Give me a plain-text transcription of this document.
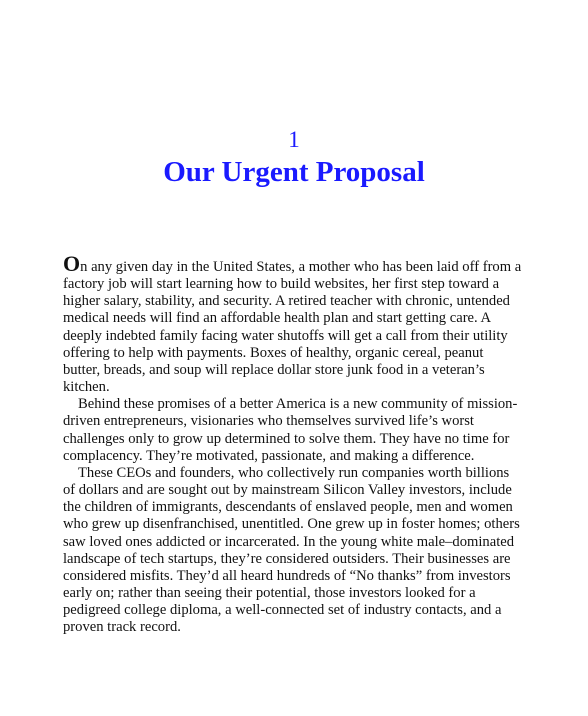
1
Our Urgent Proposal

On any given day in the United States, a mother who has been laid off from a factory job will start learning how to build websites, her first step toward a higher salary, stability, and security. A retired teacher with chronic, untended medical needs will find an affordable health plan and start getting care. A deeply indebted family facing water shutoffs will get a call from their utility offering to help with payments. Boxes of healthy, organic cereal, peanut butter, breads, and soup will replace dollar store junk food in a veteran’s kitchen.

Behind these promises of a better America is a new community of mission-driven entrepreneurs, visionaries who themselves survived life’s worst challenges only to grow up determined to solve them. They have no time for complacency. They’re motivated, passionate, and making a difference.

These CEOs and founders, who collectively run companies worth billions of dollars and are sought out by mainstream Silicon Valley investors, include the children of immigrants, descendants of enslaved people, men and women who grew up disenfranchised, unentitled. One grew up in foster homes; others saw loved ones addicted or incarcerated. In the young white male–dominated landscape of tech startups, they’re considered outsiders. Their businesses are considered misfits. They’d all heard hundreds of “No thanks” from investors early on; rather than seeing their potential, those investors looked for a pedigreed college diploma, a well-connected set of industry contacts, and a proven track record.
